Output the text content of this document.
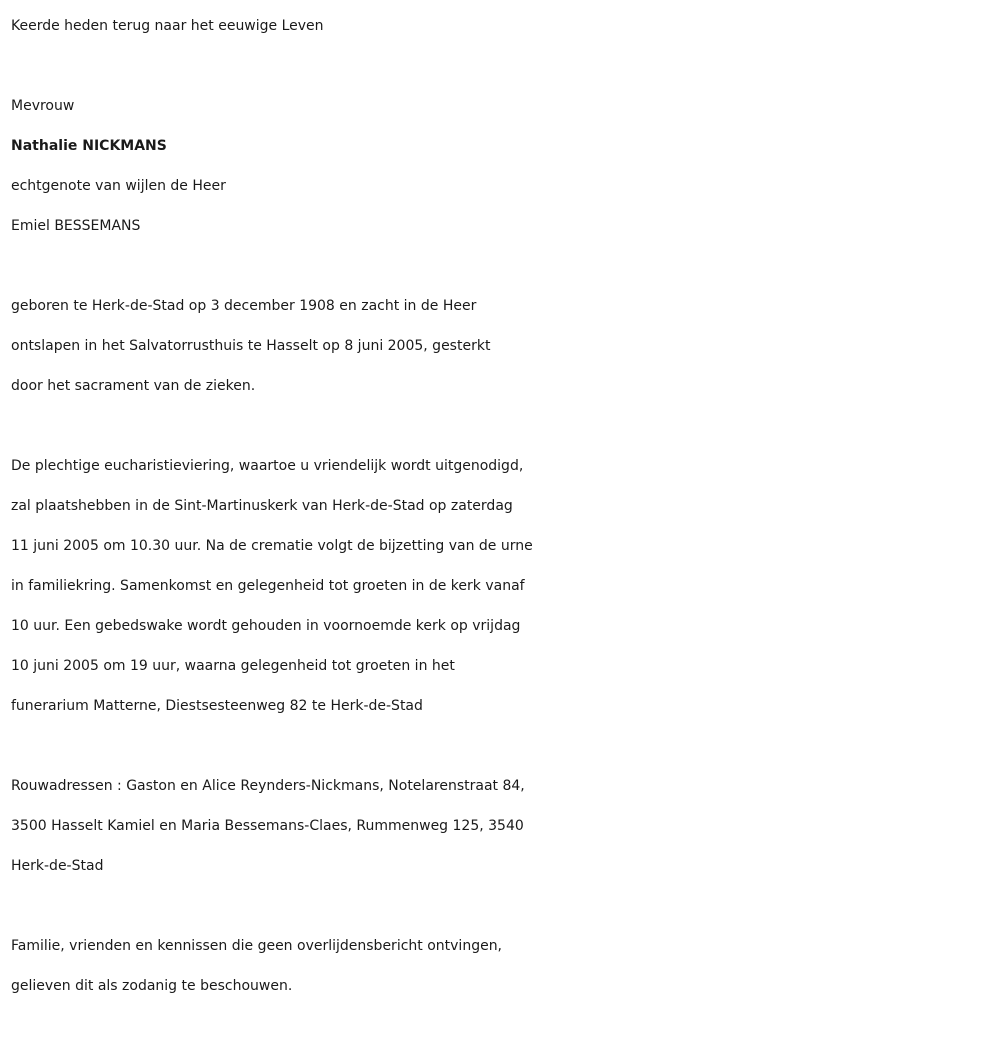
Keerde heden terug naar het eeuwige Leven

Mevrouw

Nathalie NICKMANS

echtgenote van wijlen de Heer

Emiel BESSEMANS

geboren te Herk-de-Stad op 3 december 1908 en zacht in de Heer

ontslapen in het Salvatorrusthuis te Hasselt op 8 juni 2005, gesterkt

door het sacrament van de zieken.

De plechtige eucharistieviering, waartoe u vriendelijk wordt uitgenodigd,

zal plaatshebben in de Sint-Martinuskerk van Herk-de-Stad op zaterdag

11 juni 2005 om 10.30 uur. Na de crematie volgt de bijzetting van de urne

in familiekring. Samenkomst en gelegenheid tot groeten in de kerk vanaf

10 uur. Een gebedswake wordt gehouden in voornoemde kerk op vrijdag

10 juni 2005 om 19 uur, waarna gelegenheid tot groeten in het

funerarium Matterne, Diestsesteenweg 82 te Herk-de-Stad

Rouwadressen : Gaston en Alice Reynders-Nickmans, Notelarenstraat 84,

3500 Hasselt Kamiel en Maria Bessemans-Claes, Rummenweg 125, 3540

Herk-de-Stad

Familie, vrienden en kennissen die geen overlijdensbericht ontvingen,

gelieven dit als zodanig te beschouwen.
